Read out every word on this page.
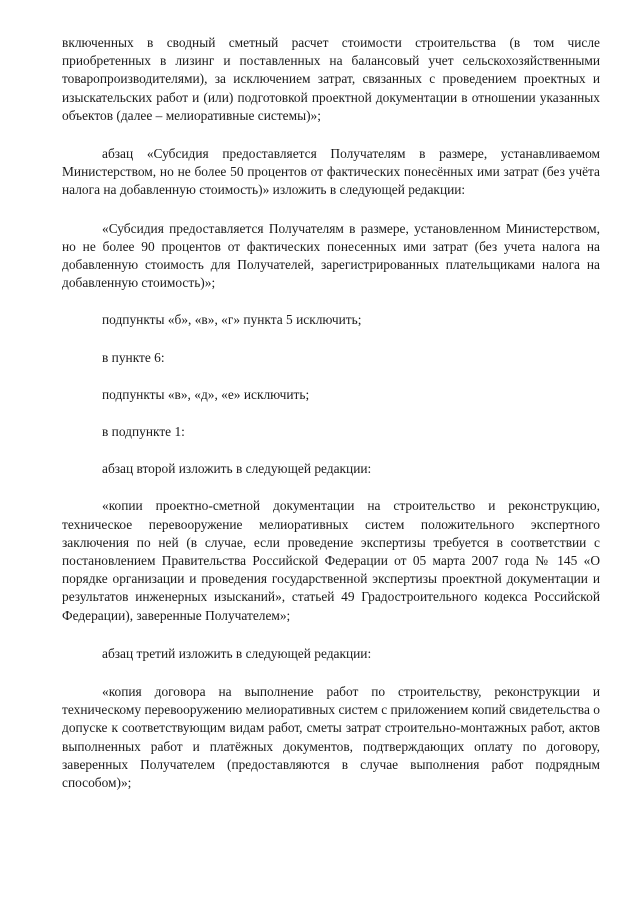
включенных в сводный сметный расчет стоимости строительства (в том числе приобретенных в лизинг и поставленных на балансовый учет сельскохозяйственными товаропроизводителями), за исключением затрат, связанных с проведением проектных и изыскательских работ и (или) подготовкой проектной документации в отношении указанных объектов (далее – мелиоративные системы)»;

абзац «Субсидия предоставляется Получателям в размере, устанавливаемом Министерством, но не более 50 процентов от фактических понесённых ими затрат (без учёта налога на добавленную стоимость)» изложить в следующей редакции:

«Субсидия предоставляется Получателям в размере, установленном Министерством, но не более 90 процентов от фактических понесенных ими затрат (без учета налога на добавленную стоимость для Получателей, зарегистрированных плательщиками налога на добавленную стоимость)»;

подпункты «б», «в», «г» пункта 5 исключить;

в пункте 6:

подпункты «в», «д», «е» исключить;

в подпункте 1:

абзац второй изложить в следующей редакции:

«копии проектно-сметной документации на строительство и реконструкцию, техническое перевооружение мелиоративных систем положительного экспертного заключения по ней (в случае, если проведение экспертизы требуется в соответствии с постановлением Правительства Российской Федерации от 05 марта 2007 года № 145 «О порядке организации и проведения государственной экспертизы проектной документации и результатов инженерных изысканий», статьей 49 Градостроительного кодекса Российской Федерации), заверенные Получателем»;

абзац третий изложить в следующей редакции:

«копия договора на выполнение работ по строительству, реконструкции и техническому перевооружению мелиоративных систем с приложением копий свидетельства о допуске к соответствующим видам работ, сметы затрат строительно-монтажных работ, актов выполненных работ и платёжных документов, подтверждающих оплату по договору, заверенных Получателем (предоставляются в случае выполнения работ подрядным способом)»;
